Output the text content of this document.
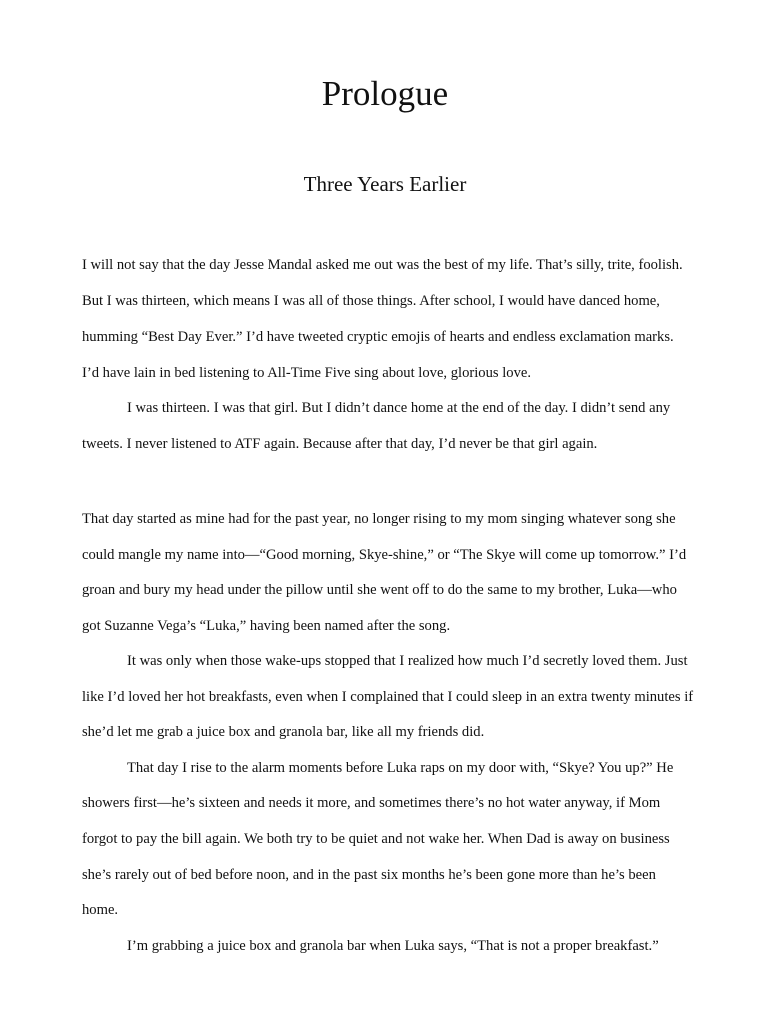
Prologue
Three Years Earlier

I will not say that the day Jesse Mandal asked me out was the best of my life. That’s silly, trite, foolish.

But I was thirteen, which means I was all of those things. After school, I would have danced home,

humming “Best Day Ever.” I’d have tweeted cryptic emojis of hearts and endless exclamation marks.

I’d have lain in bed listening to All-Time Five sing about love, glorious love.

I was thirteen. I was that girl. But I didn’t dance home at the end of the day. I didn’t send any

tweets. I never listened to ATF again. Because after that day, I’d never be that girl again.

That day started as mine had for the past year, no longer rising to my mom singing whatever song she

could mangle my name into—“Good morning, Skye-shine,” or “The Skye will come up tomorrow.” I’d

groan and bury my head under the pillow until she went off to do the same to my brother, Luka—who

got Suzanne Vega’s “Luka,” having been named after the song.

It was only when those wake-ups stopped that I realized how much I’d secretly loved them. Just

like I’d loved her hot breakfasts, even when I complained that I could sleep in an extra twenty minutes if

she’d let me grab a juice box and granola bar, like all my friends did.

That day I rise to the alarm moments before Luka raps on my door with, “Skye? You up?” He

showers first—he’s sixteen and needs it more, and sometimes there’s no hot water anyway, if Mom

forgot to pay the bill again. We both try to be quiet and not wake her. When Dad is away on business

she’s rarely out of bed before noon, and in the past six months he’s been gone more than he’s been

home.

I’m grabbing a juice box and granola bar when Luka says, “That is not a proper breakfast.”
